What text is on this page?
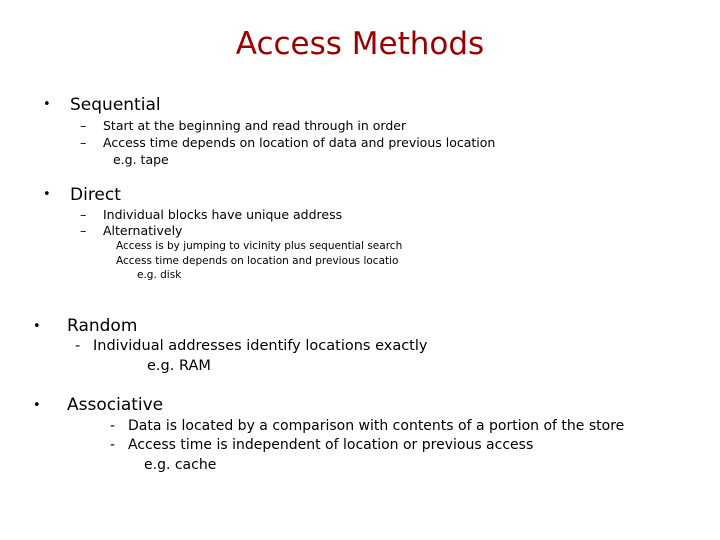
Access Methods
• Sequential
– Start at the beginning and read through in order
– Access time depends on location of data and previous location
e.g. tape
• Direct
– Individual blocks have unique address
– Alternatively
Access is by jumping to vicinity plus sequential search
Access time depends on location and previous locatio
e.g. disk
• Random
- Individual addresses identify locations exactly
e.g. RAM
• Associative
- Data is located by a comparison with contents of a portion of the store
- Access time is independent of location or previous access
e.g. cache
